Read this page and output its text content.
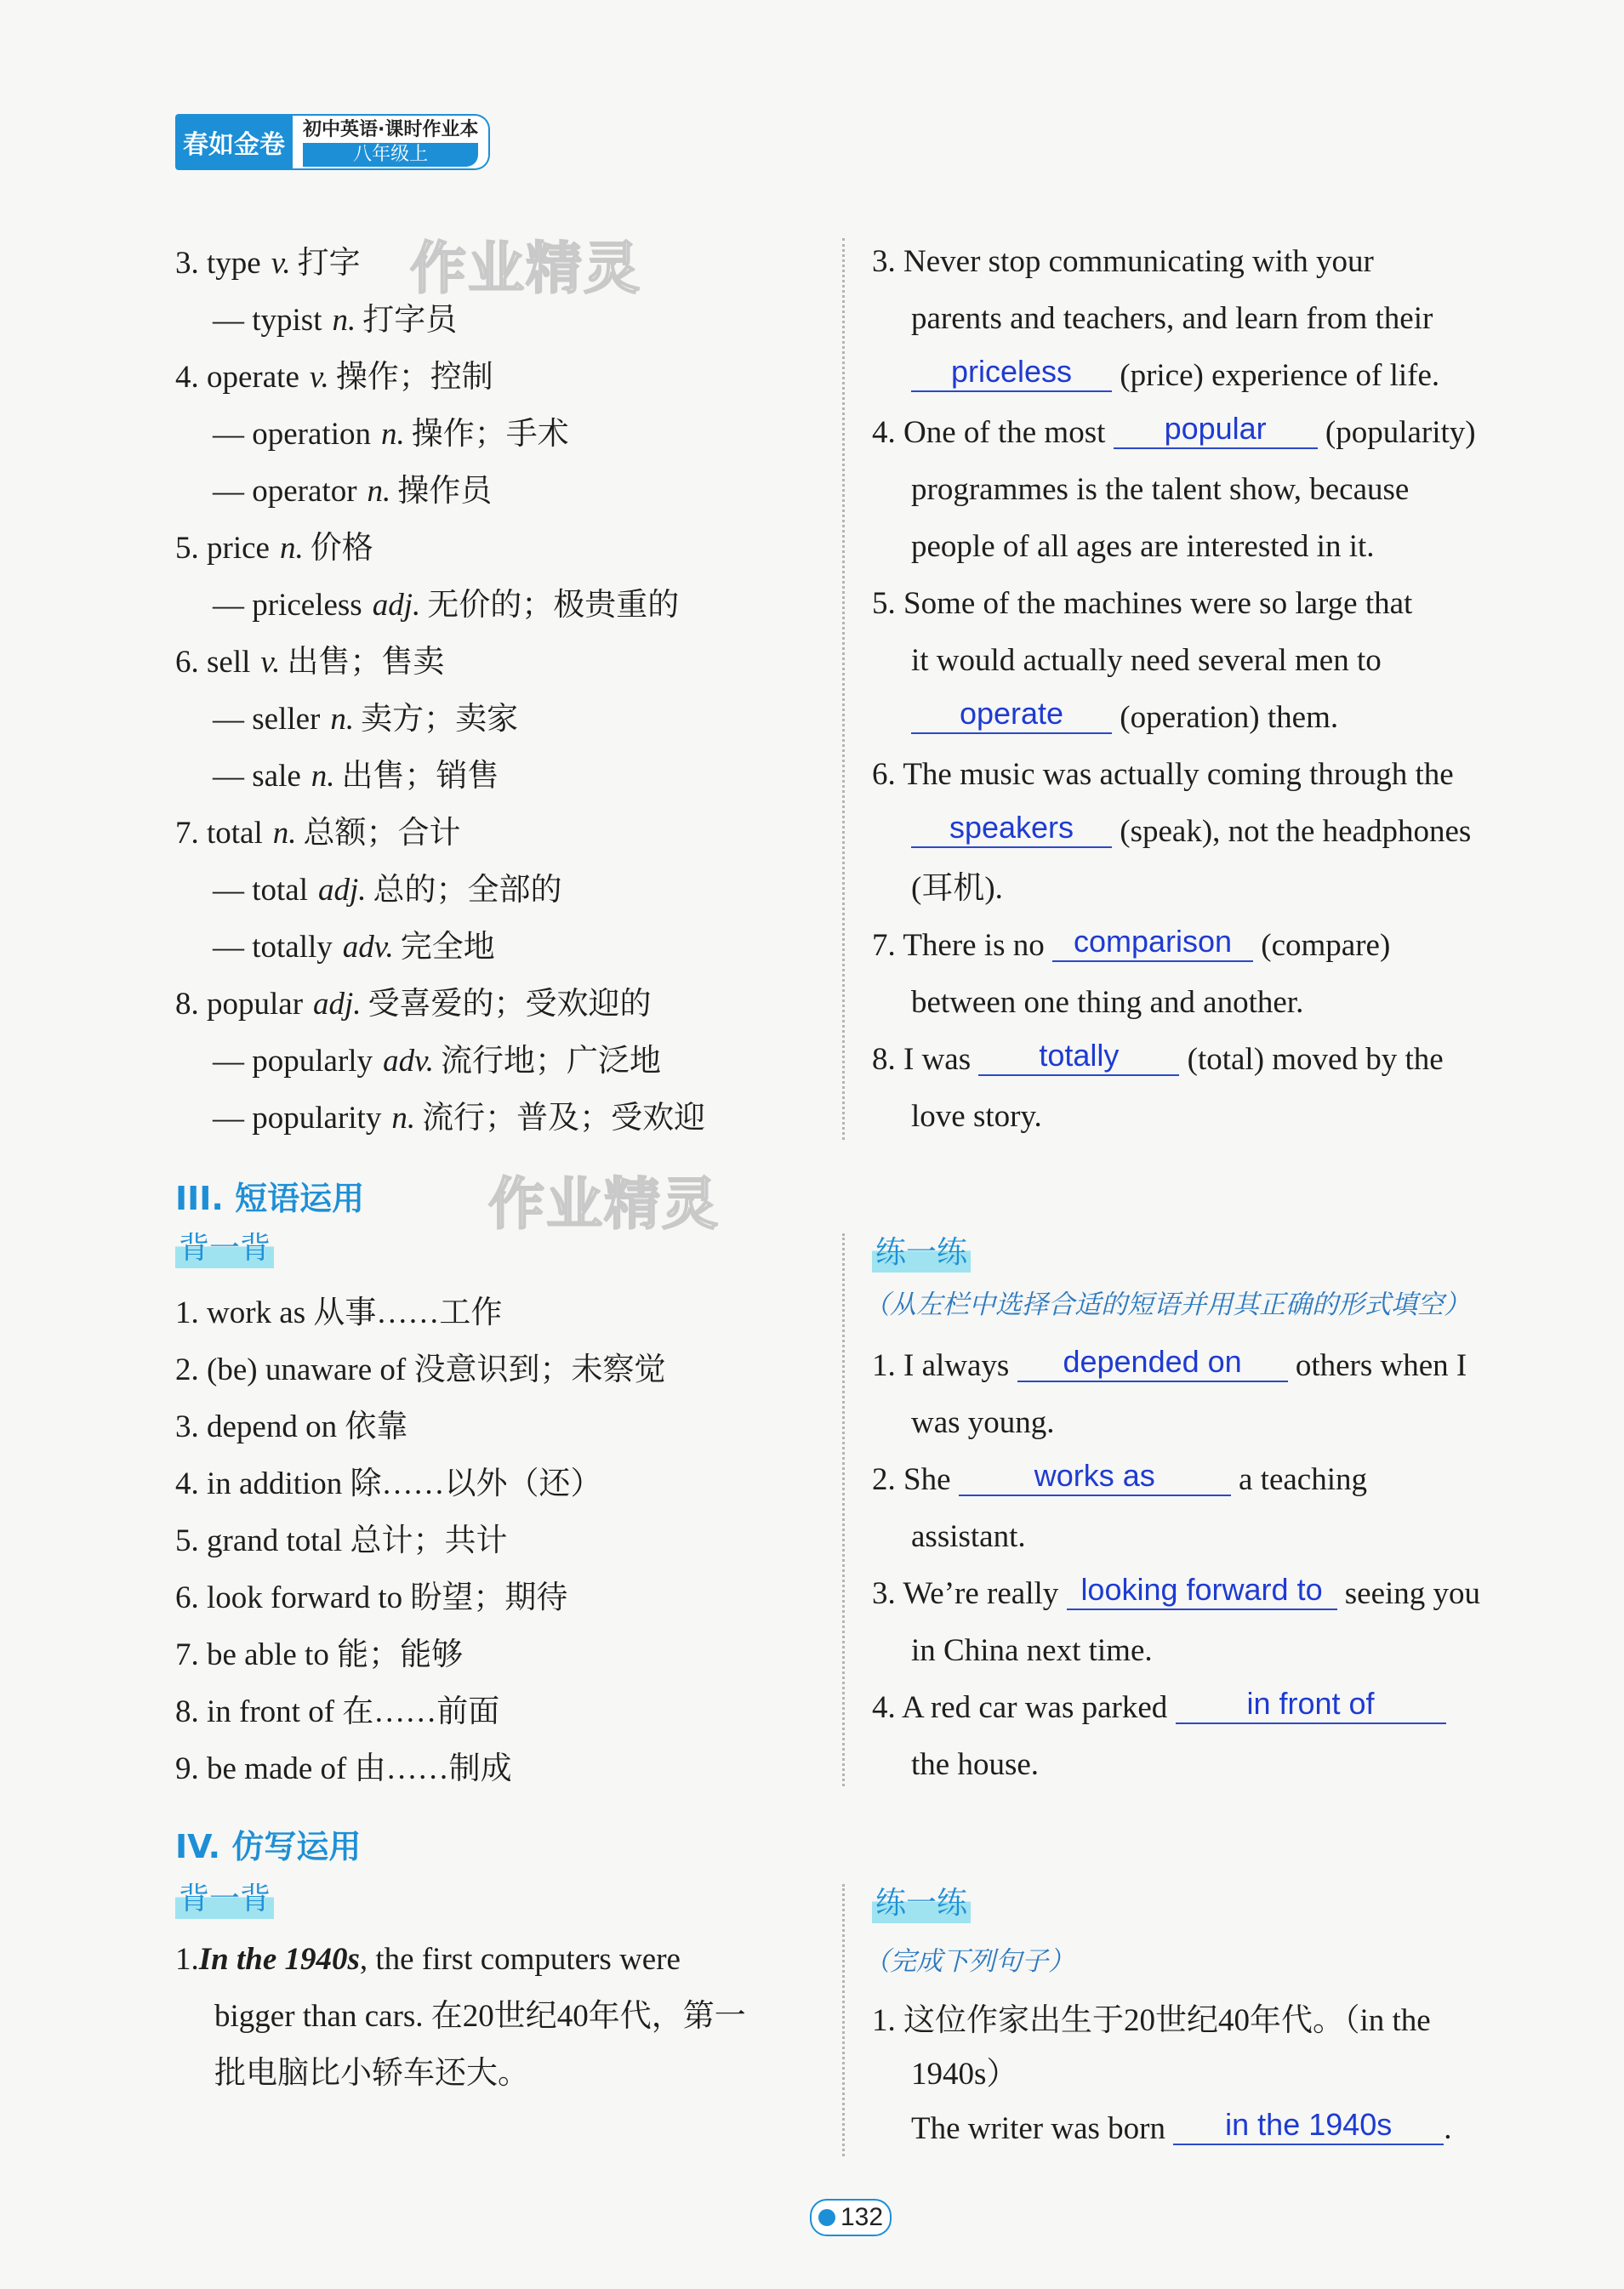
春如金卷
初中英语·课时作业本
八年级上
作业精灵
作业精灵
3. type v. 打字
— typist n. 打字员
4. operate v. 操作；控制
— operation n. 操作；手术
— operator n. 操作员
5. price n. 价格
— priceless adj. 无价的；极贵重的
6. sell v. 出售；售卖
— seller n. 卖方；卖家
— sale n. 出售；销售
7. total n. 总额；合计
— total adj. 总的；全部的
— totally adv. 完全地
8. popular adj. 受喜爱的；受欢迎的
— popularly adv. 流行地；广泛地
— popularity n. 流行；普及；受欢迎
3. Never stop communicating with your
parents and teachers, and learn from their
priceless (price) experience of life.
4. One of the most popular (popularity)
programmes is the talent show, because
people of all ages are interested in it.
5. Some of the machines were so large that
it would actually need several men to
operate (operation) them.
6. The music was actually coming through the
speakers (speak), not the headphones
(耳机).
7. There is no comparison (compare)
between one thing and another.
8. I was totally (total) moved by the
love story.
III. 短语运用
背一背	练一练
（从左栏中选择合适的短语并用其正确的形式填空）
1. work as 从事……工作
2. (be) unaware of 没意识到；未察觉
3. depend on 依靠
4. in addition 除……以外（还）
5. grand total 总计；共计
6. look forward to 盼望；期待
7. be able to 能；能够
8. in front of 在……前面
9. be made of 由……制成
1. I always depended on others when I
was young.
2. She	works as	a teaching
assistant.
3. We’re really looking forward to seeing you
in China next time.
4. A red car was parked	in front of
the house.
IV. 仿写运用
背一背	练一练
（完成下列句子）
1.In the 1940s, the first computers were
bigger than cars. 在20世纪40年代，第一
批电脑比小轿车还大。
1. 这位作家出生于20世纪40年代。（in the
1940s）
The writer was born in the 1940s .
132
